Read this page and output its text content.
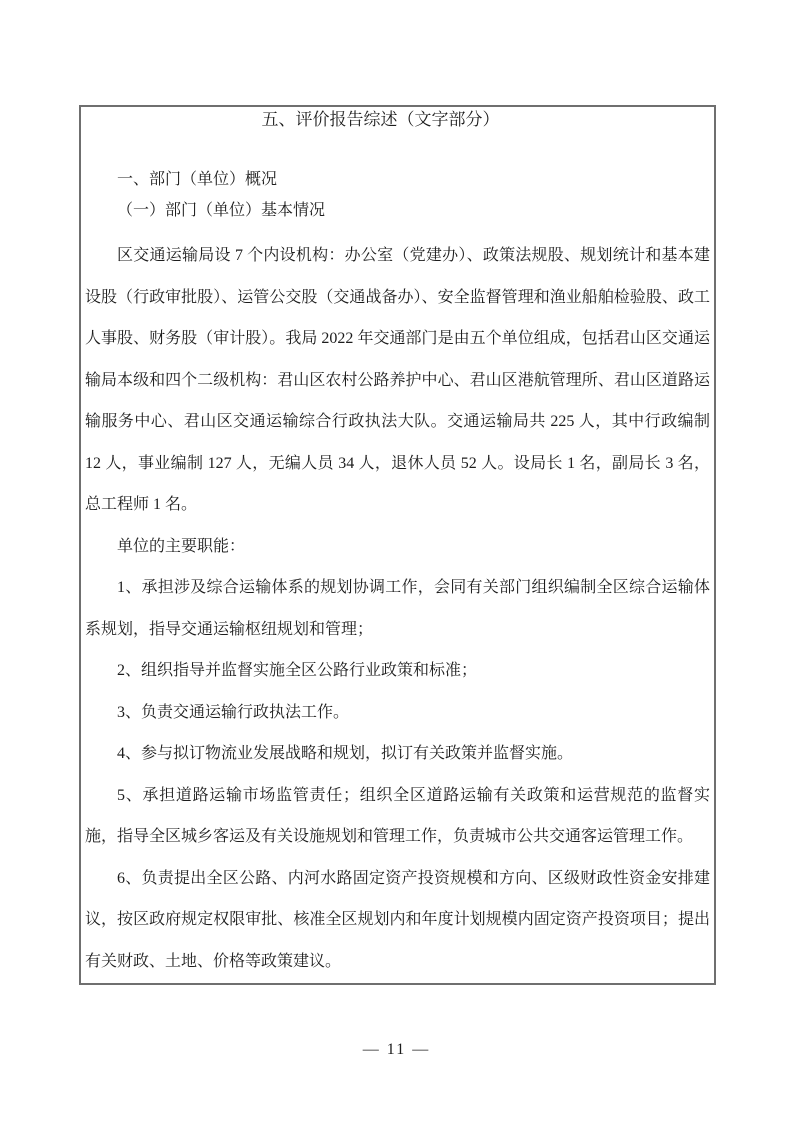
五、评价报告综述（文字部分）
一、部门（单位）概况
（一）部门（单位）基本情况

区交通运输局设 7 个内设机构：办公室（党建办）、政策法规股、规划统计和基本建设股（行政审批股）、运管公交股（交通战备办）、安全监督管理和渔业船舶检验股、政工人事股、财务股（审计股）。我局 2022 年交通部门是由五个单位组成，包括君山区交通运输局本级和四个二级机构：君山区农村公路养护中心、君山区港航管理所、君山区道路运输服务中心、君山区交通运输综合行政执法大队。交通运输局共 225 人，其中行政编制 12 人，事业编制 127 人，无编人员 34 人，退休人员 52 人。设局长 1 名，副局长 3 名，总工程师 1 名。

单位的主要职能：

1、承担涉及综合运输体系的规划协调工作，会同有关部门组织编制全区综合运输体系规划，指导交通运输枢纽规划和管理；

2、组织指导并监督实施全区公路行业政策和标准；

3、负责交通运输行政执法工作。

4、参与拟订物流业发展战略和规划，拟订有关政策并监督实施。

5、承担道路运输市场监管责任；组织全区道路运输有关政策和运营规范的监督实施，指导全区城乡客运及有关设施规划和管理工作，负责城市公共交通客运管理工作。

6、负责提出全区公路、内河水路固定资产投资规模和方向、区级财政性资金安排建议，按区政府规定权限审批、核准全区规划内和年度计划规模内固定资产投资项目；提出有关财政、土地、价格等政策建议。

— 11 —
